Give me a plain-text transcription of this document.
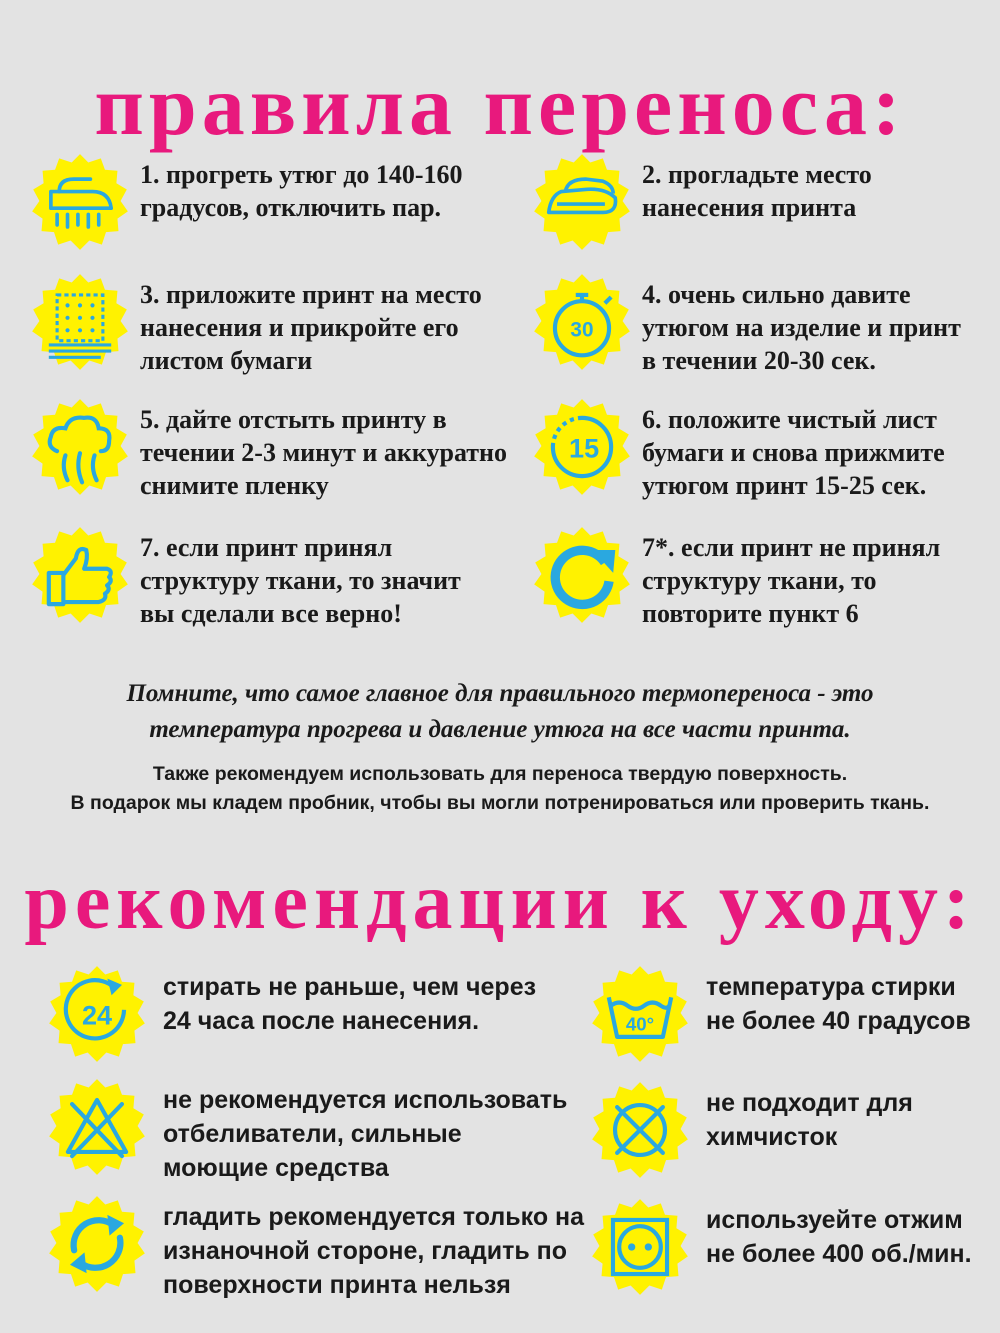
правила переноса:
1. прогреть утюг до 140-160
градусов, отключить пар.
2. прогладьте место
нанесения принта
3. приложите принт на место
нанесения и прикройте его
листом бумаги
30
4. очень сильно давите
утюгом на изделие и принт
в течении 20-30 сек.
5. дайте отстыть принту в
течении 2-3 минут и аккуратно
снимите пленку
15
6. положите чистый лист
бумаги и снова прижмите
утюгом принт 15-25 сек.
7. если принт принял
структуру ткани, то значит
вы сделали все верно!
7*. если принт не принял
структуру ткани, то
повторите пункт 6
Помните, что самое главное для правильного термопереноса - это
температура прогрева и давление утюга на все части принта.
Также рекомендуем использовать для переноса твердую поверхность.
В подарок мы кладем пробник, чтобы вы могли потренироваться или проверить ткань.
рекомендации к уходу:
24
стирать не раньше, чем через
24 часа после нанесения.	40°
температура стирки
не более 40 градусов
не рекомендуется использовать
отбеливатели, сильные
моющие средства
не подходит для
химчисток
гладить рекомендуется только на
изнаночной стороне, гладить по
поверхности принта нельзя
используейте отжим
не более 400 об./мин.
